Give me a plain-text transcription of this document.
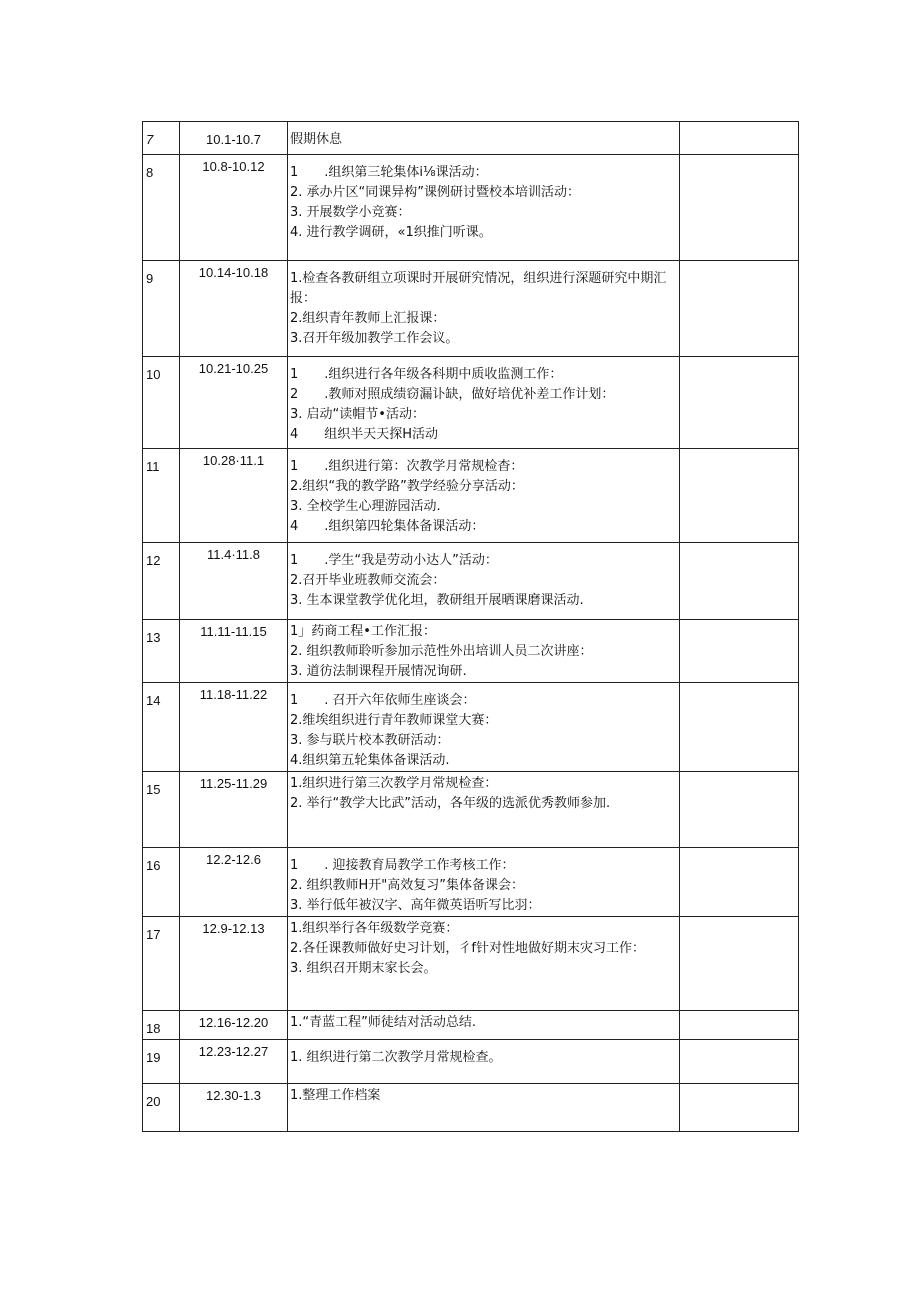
7	10.1-10.7	假期休息	

8	10.8-10.12	1  .组织第三轮集体i⅛课活动：
2. 承办片区“同课异构”课例研讨暨校本培训活动：
3. 开展数学小竞赛：
4. 进行教学调研，«1织推门听课。	

9	10.14-10.18	1.检查各教研组立项课时开展研究情况，组织进行深题研究中期汇报：
2.组织青年教师上汇报课：
3.召开年级加教学工作会议。	

10	10.21-10.25	1  .组织进行各年级各科期中质收监测工作：
2  .教师对照成绩窃漏讣缺，做好培优补差工作计划：
3. 启动“读帽节•活动：
4  组织半天天探H活动	

11	10.28·11.1	1  .组织进行第：次教学月常规检杳：
2.组织“我的教学路”教学经验分享活动：
3. 全校学生心理游园活动.
4  .组织第四轮集体备课活动：	

12	11.4·11.8	1  .学生“我是劳动小达人”活动：
2.召开毕业班教师交流会：
3. 生本课堂教学优化坦，教研组开展晒课磨课活动.	

13	11.11-11.15	1」药商工程•工作汇报：
2. 组织教师聆听参加示范性外出培训人员二次讲座：
3. 道彷法制课程开展情况询研.	

14	11.18-11.22	1  . 召开六年依师生座谈会：
2.维埃组织进行青年教师课堂大赛：
3. 参与联片校本教研活动：
4.组织第五轮集体备课活动.	

15	11.25-11.29	1.组织进行第三次教学月常规检查：
2. 举行“教学大比武”活动，各年级的选派优秀教师参加.	

16	12.2-12.6	1  . 迎接教育局教学工作考核工作：
2. 组织教师H开"高效复习”集体备课会：
3. 举行低年被汉字、高年微英语听写比羽：	

17	12.9-12.13	1.组织举行各年级数学竞赛：
2.各任课教师做好史习计划，彳f针对性地做好期末灾习工作：
3. 组织召开期末家长会。	

18	12.16-12.20	1.“青蓝工程”师徒结对活动总结.	

19	12.23-12.27	1. 组织进行第二次教学月常规检查。	

20	12.30-1.3	1.整理工作档案	
